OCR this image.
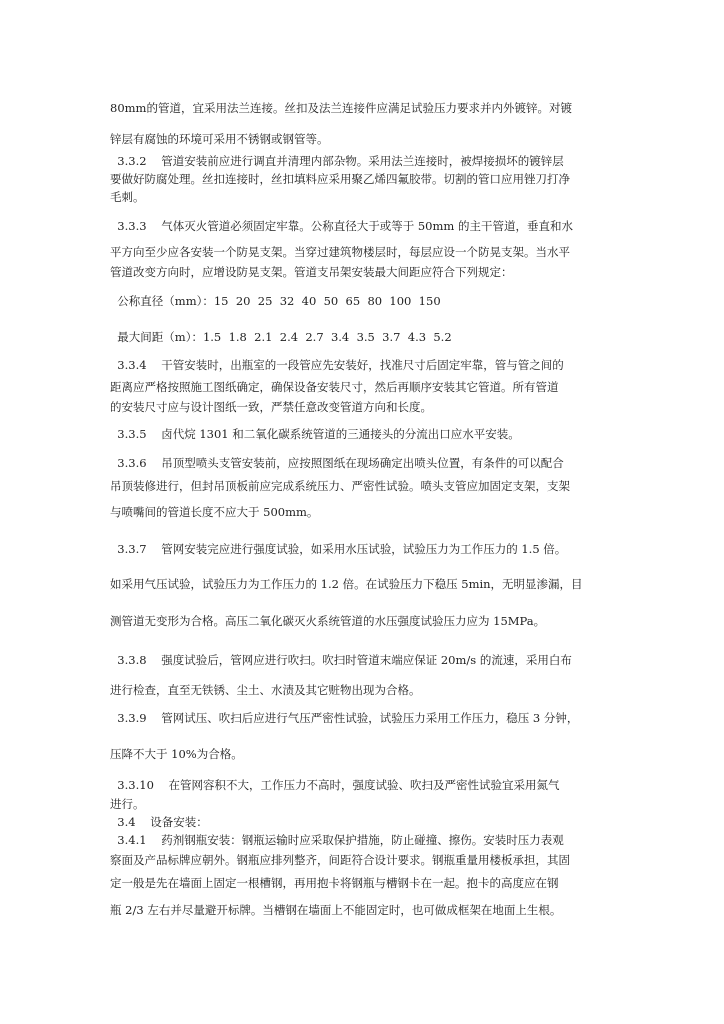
80mm的管道，宜采用法兰连接。丝扣及法兰连接件应满足试验压力要求并内外镀锌。对镀
锌层有腐蚀的环境可采用不锈钢或钢管等。
3.3.2    管道安装前应进行调直并清理内部杂物。采用法兰连接时，被焊接损坏的镀锌层
要做好防腐处理。丝扣连接时，丝扣填料应采用聚乙烯四氟胶带。切割的管口应用锉刀打净
毛刺。
3.3.3    气体灭火管道必须固定牢靠。公称直径大于或等于 50mm 的主干管道，垂直和水
平方向至少应各安装一个防晃支架。当穿过建筑物楼层时，每层应设一个防晃支架。当水平
管道改变方向时，应增设防晃支架。管道支吊架安装最大间距应符合下列规定：
公称直径（mm）：15  20  25  32  40  50  65  80  100  150
最大间距（m）：1.5  1.8  2.1  2.4  2.7  3.4  3.5  3.7  4.3  5.2
3.3.4    干管安装时，出瓶室的一段管应先安装好，找准尺寸后固定牢靠，管与管之间的
距离应严格按照施工图纸确定，确保设备安装尺寸，然后再顺序安装其它管道。所有管道
的安装尺寸应与设计图纸一致，严禁任意改变管道方向和长度。
3.3.5    卤代烷 1301 和二氧化碳系统管道的三通接头的分流出口应水平安装。
3.3.6    吊顶型喷头支管安装前，应按照图纸在现场确定出喷头位置，有条件的可以配合
吊顶装修进行，但封吊顶板前应完成系统压力、严密性试验。喷头支管应加固定支架，支架
与喷嘴间的管道长度不应大于 500mm。
3.3.7    管网安装完应进行强度试验，如采用水压试验，试验压力为工作压力的 1.5 倍。
如采用气压试验，试验压力为工作压力的 1.2 倍。在试验压力下稳压 5min，无明显渗漏，目
测管道无变形为合格。高压二氧化碳灭火系统管道的水压强度试验压力应为 15MPa。
3.3.8    强度试验后，管网应进行吹扫。吹扫时管道末端应保证 20m/s 的流速，采用白布
进行检查，直至无铁锈、尘土、水渍及其它赃物出现为合格。
3.3.9    管网试压、吹扫后应进行气压严密性试验，试验压力采用工作压力，稳压 3 分钟，
压降不大于 10%为合格。
3.3.10    在管网容积不大，工作压力不高时，强度试验、吹扫及严密性试验宜采用氮气
进行。
3.4    设备安装：
3.4.1    药剂钢瓶安装：钢瓶运输时应采取保护措施，防止碰撞、擦伤。安装时压力表观
察面及产品标牌应朝外。钢瓶应排列整齐，间距符合设计要求。钢瓶重量用楼板承担，其固
定一般是先在墙面上固定一根槽钢，再用抱卡将钢瓶与槽钢卡在一起。抱卡的高度应在钢
瓶 2/3 左右并尽量避开标牌。当槽钢在墙面上不能固定时，也可做成框架在地面上生根。
